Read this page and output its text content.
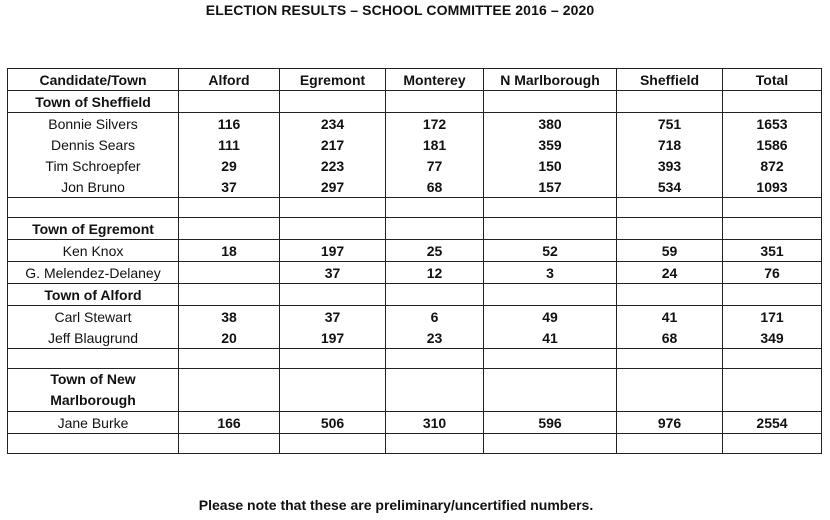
ELECTION RESULTS – SCHOOL COMMITTEE 2016 – 2020
Candidate/Town	Alford	Egremont	Monterey	N Marlborough	Sheffield	Total
Town of Sheffield						
Bonnie Silvers	116	234	172	380	751	1653
Dennis Sears	111	217	181	359	718	1586
Tim Schroepfer	29	223	77	150	393	872
Jon Bruno	37	297	68	157	534	1093

Town of Egremont						
Ken Knox	18	197	25	52	59	351
G. Melendez-Delaney		37	12	3	24	76
Town of Alford						
Carl Stewart	38	37	6	49	41	171
Jeff Blaugrund	20	197	23	41	68	349

Town of New Marlborough						
Jane Burke	166	506	310	596	976	2554

Please note that these are preliminary/uncertified numbers.
